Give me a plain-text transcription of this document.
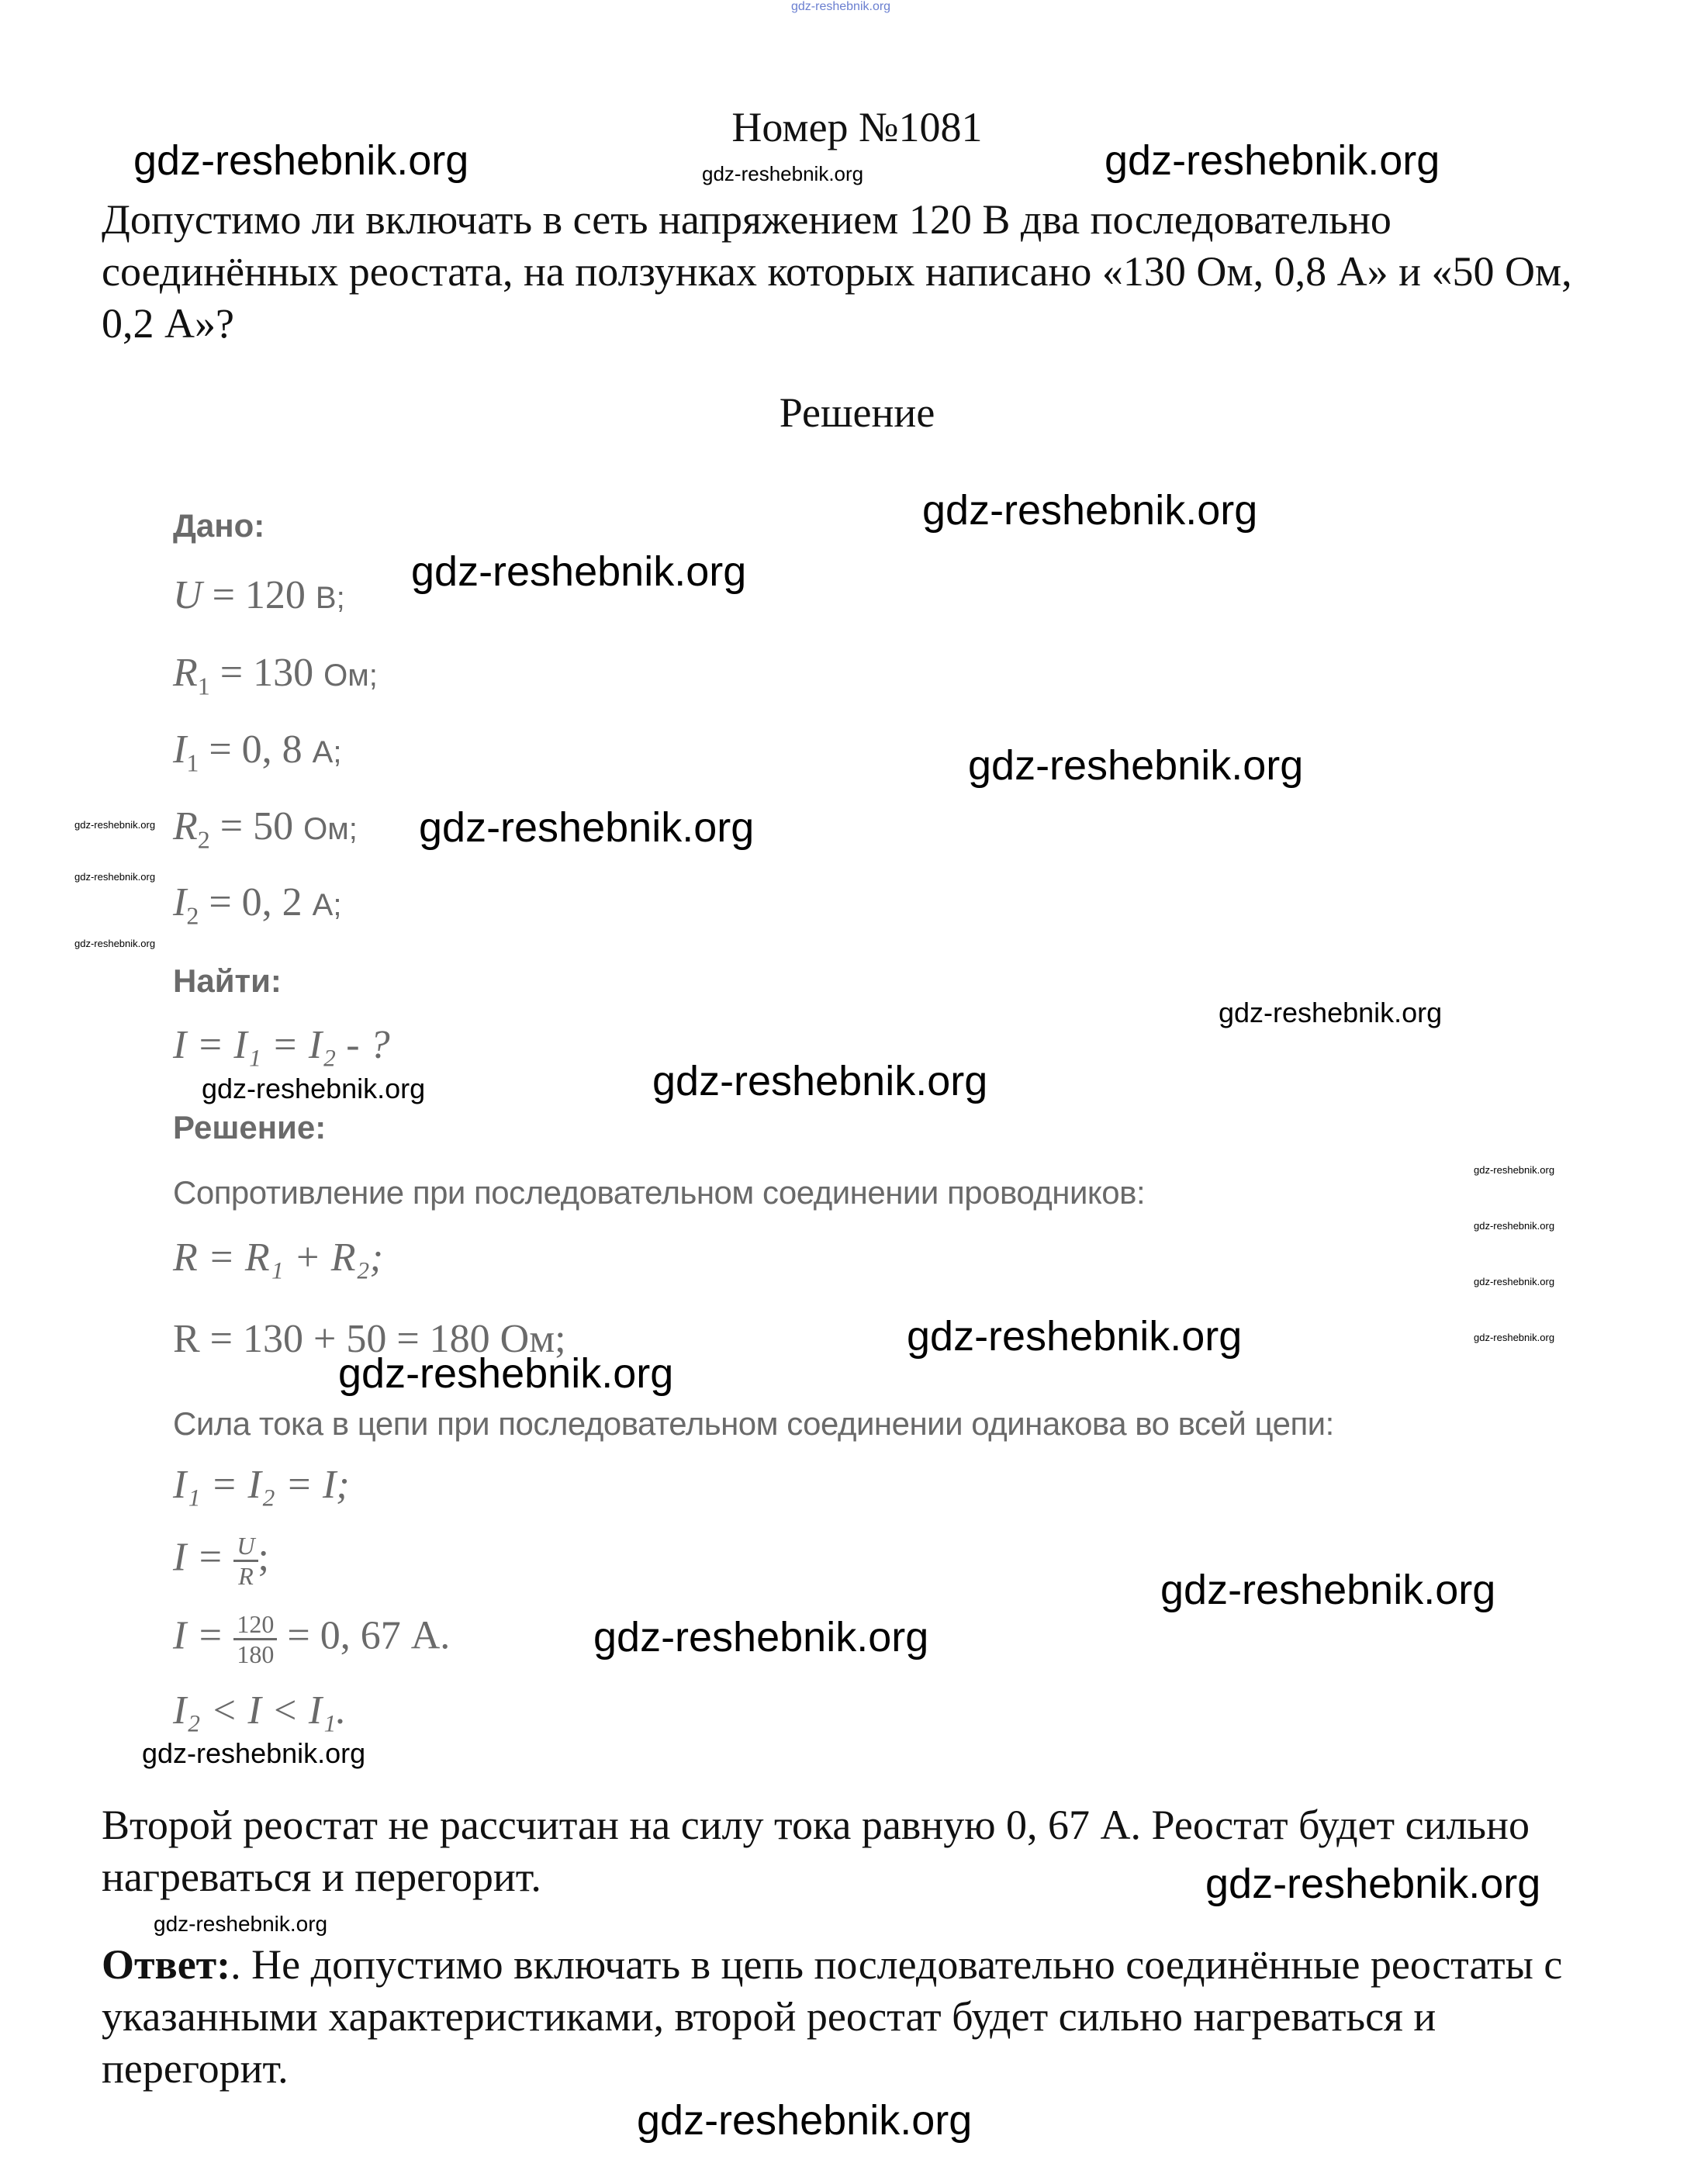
gdz-reshebnik.org
Номер №1081
Допустимо ли включать в сеть напряжением 120 В два последовательно соединённых реостата, на ползунках которых написано «130 Ом, 0,8 А» и «50 Ом, 0,2 А»?
Решение
Дано:
U = 120 В;
$R_1 = 130$ Ом;
$I_1 = 0$, 8 А;
$R_2 = 50$ Ом;
$I_2 = 0$, 2 А;
Найти:
I = I₁ = I₂ - ?
Решение:
Сопротивление при последовательном соединении проводников:
R = R₁ + R₂;
R = 130 + 50 = 180 Ом;
Сила тока в цепи при последовательном соединении одинакова во всей цепи:
I₁ = I₂ = I;
$I = \frac{U}{R}$ ;
$I = \frac{120}{180} = 0$, 67 А.
I₂ < I < I₁.
Второй реостат не рассчитан на силу тока равную 0, 67 А. Реостат будет сильно нагреваться и перегорит.
Ответ:. Не допустимо включать в цепь последовательно соединённые реостаты с указанными характеристиками, второй реостат будет сильно нагреваться и перегорит.
gdz-reshebnik.org	gdz-reshebnik.org
gdz-reshebnik.org
gdz-reshebnik.org
gdz-reshebnik.org
gdz-reshebnik.org
gdz-reshebnik.org
gdz-reshebnik.org
gdz-reshebnik.org
gdz-reshebnik.org
gdz-reshebnik.org
gdz-reshebnik.org
gdz-reshebnik.org
gdz-reshebnik.org
gdz-reshebnik.org
gdz-reshebnik.org
gdz-reshebnik.org
gdz-reshebnik.org
gdz-reshebnik.org
gdz-reshebnik.org
gdz-reshebnik.org
gdz-reshebnik.org
gdz-reshebnik.org
gdz-reshebnik.org
gdz-reshebnik.org
